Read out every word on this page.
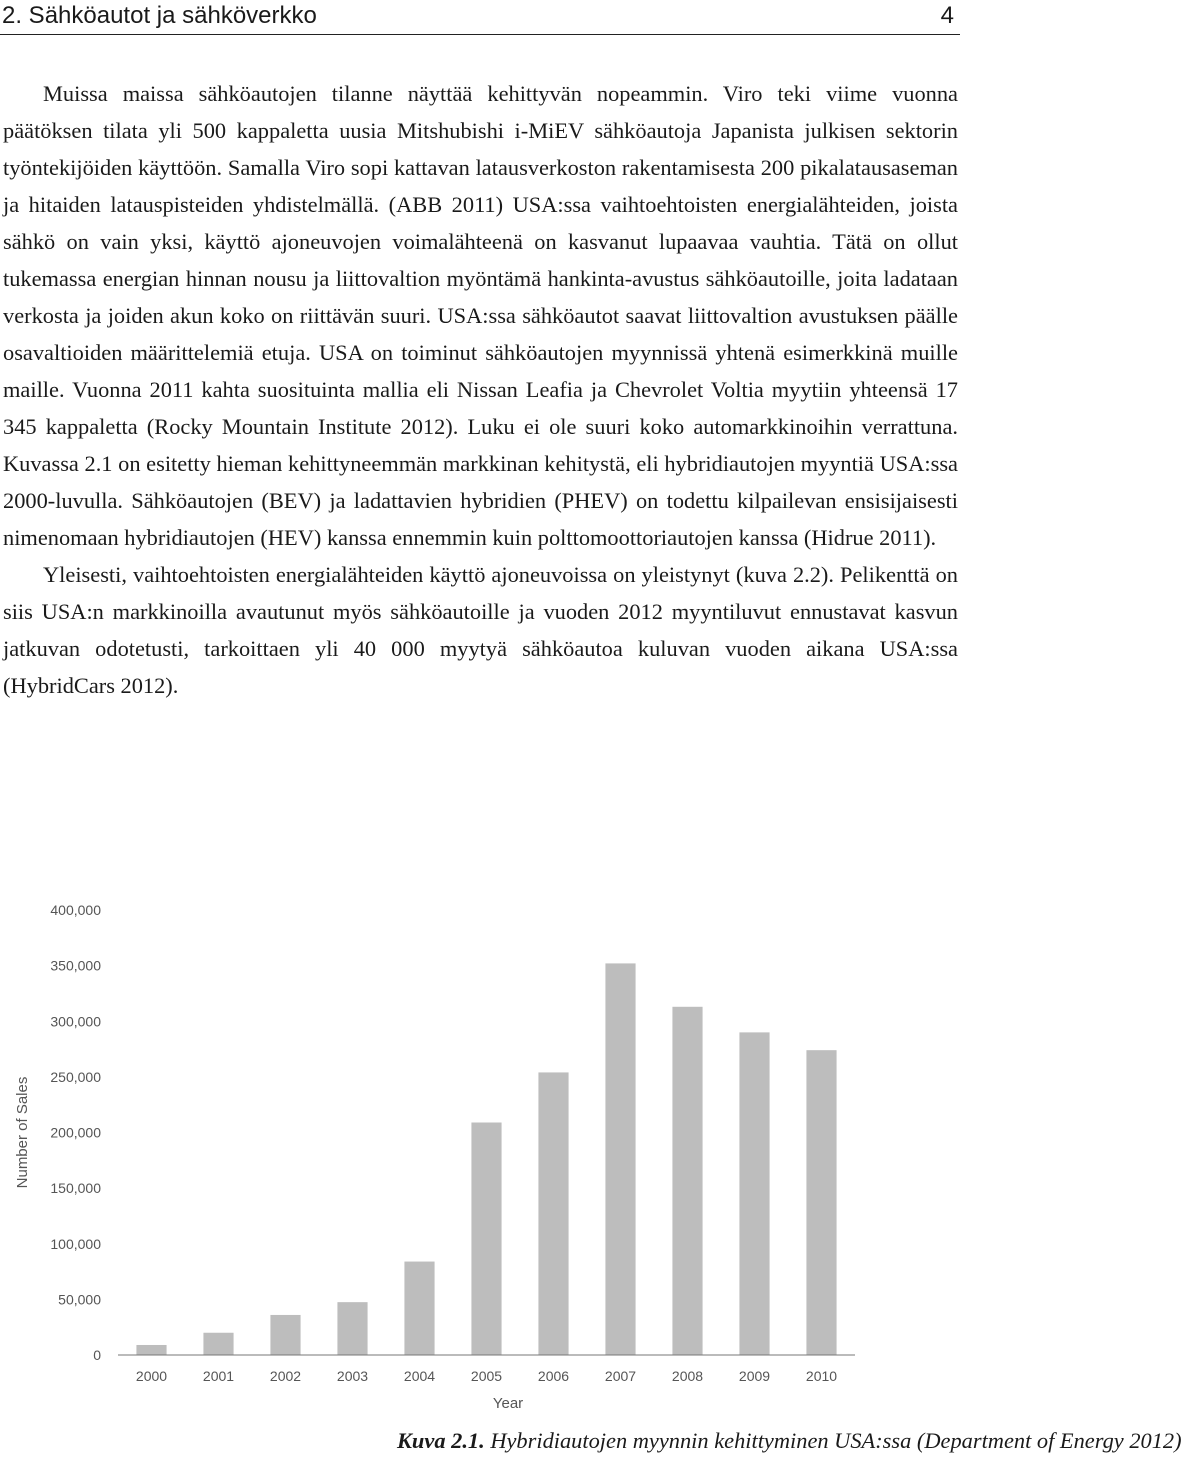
2. Sähköautot ja sähköverkko	4

Muissa maissa sähköautojen tilanne näyttää kehittyvän nopeammin. Viro teki viime vuonna päätöksen tilata yli 500 kappaletta uusia Mitshubishi i-MiEV sähköautoja Japanista julkisen sektorin työntekijöiden käyttöön. Samalla Viro sopi kattavan latausverkoston rakentamisesta 200 pikalatausaseman ja hitaiden latauspisteiden yhdistelmällä. (ABB 2011) USA:ssa vaihtoehtoisten energialähteiden, joista sähkö on vain yksi, käyttö ajoneuvojen voimalähteenä on kasvanut lupaavaa vauhtia. Tätä on ollut tukemassa energian hinnan nousu ja liittovaltion myöntämä hankinta-avustus sähköautoille, joita ladataan verkosta ja joiden akun koko on riittävän suuri. USA:ssa sähköautot saavat liittovaltion avustuksen päälle osavaltioiden määrittelemiä etuja. USA on toiminut sähköautojen myynnissä yhtenä esimerkkinä muille maille. Vuonna 2011 kahta suosituinta mallia eli Nissan Leafia ja Chevrolet Voltia myytiin yhteensä 17 345 kappaletta (Rocky Mountain Institute 2012). Luku ei ole suuri koko automarkkinoihin verrattuna. Kuvassa 2.1 on esitetty hieman kehittyneemmän markkinan kehitystä, eli hybridiautojen myyntiä USA:ssa 2000-luvulla. Sähköautojen (BEV) ja ladattavien hybridien (PHEV) on todettu kilpailevan ensisijaisesti nimenomaan hybridiautojen (HEV) kanssa ennemmin kuin polttomoottoriautojen kanssa (Hidrue 2011).

Yleisesti, vaihtoehtoisten energialähteiden käyttö ajoneuvoissa on yleistynyt (kuva 2.2). Pelikenttä on siis USA:n markkinoilla avautunut myös sähköautoille ja vuoden 2012 myyntiluvut ennustavat kasvun jatkuvan odotetusti, tarkoittaen yli 40 000 myytyä sähköautoa kuluvan vuoden aikana USA:ssa (HybridCars 2012).

0
50,000
100,000
150,000
200,000
250,000
300,000
350,000
400,000
2000	2001	2002	2003	2004	2005	2006	2007	2008	2009	2010
Number of Sales
Year
Kuva 2.1. Hybridiautojen myynnin kehittyminen USA:ssa (Department of Energy 2012)
